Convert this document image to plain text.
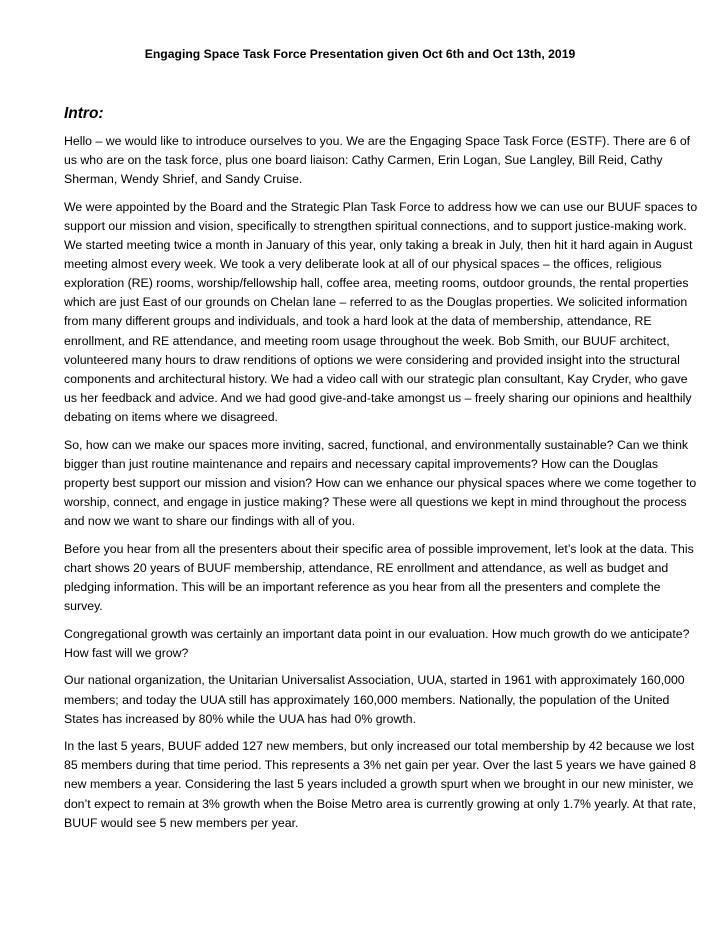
Engaging Space Task Force Presentation given Oct 6th and Oct 13th, 2019
Intro:

Hello – we would like to introduce ourselves to you. We are the Engaging Space Task Force (ESTF). There are 6 of us who are on the task force, plus one board liaison: Cathy Carmen, Erin Logan, Sue Langley, Bill Reid, Cathy Sherman, Wendy Shrief, and Sandy Cruise.

We were appointed by the Board and the Strategic Plan Task Force to address how we can use our BUUF spaces to support our mission and vision, specifically to strengthen spiritual connections, and to support justice-making work. We started meeting twice a month in January of this year, only taking a break in July, then hit it hard again in August meeting almost every week. We took a very deliberate look at all of our physical spaces – the offices, religious exploration (RE) rooms, worship/fellowship hall, coffee area, meeting rooms, outdoor grounds, the rental properties which are just East of our grounds on Chelan lane – referred to as the Douglas properties. We solicited information from many different groups and individuals, and took a hard look at the data of membership, attendance, RE enrollment, and RE attendance, and meeting room usage throughout the week. Bob Smith, our BUUF architect, volunteered many hours to draw renditions of options we were considering and provided insight into the structural components and architectural history. We had a video call with our strategic plan consultant, Kay Cryder, who gave us her feedback and advice. And we had good give-and-take amongst us – freely sharing our opinions and healthily debating on items where we disagreed.

So, how can we make our spaces more inviting, sacred, functional, and environmentally sustainable? Can we think bigger than just routine maintenance and repairs and necessary capital improvements? How can the Douglas property best support our mission and vision? How can we enhance our physical spaces where we come together to worship, connect, and engage in justice making? These were all questions we kept in mind throughout the process and now we want to share our findings with all of you.

Before you hear from all the presenters about their specific area of possible improvement, let’s look at the data. This chart shows 20 years of BUUF membership, attendance, RE enrollment and attendance, as well as budget and pledging information. This will be an important reference as you hear from all the presenters and complete the survey.

Congregational growth was certainly an important data point in our evaluation. How much growth do we anticipate? How fast will we grow?

Our national organization, the Unitarian Universalist Association, UUA, started in 1961 with approximately 160,000 members; and today the UUA still has approximately 160,000 members. Nationally, the population of the United States has increased by 80% while the UUA has had 0% growth.

In the last 5 years, BUUF added 127 new members, but only increased our total membership by 42 because we lost 85 members during that time period. This represents a 3% net gain per year. Over the last 5 years we have gained 8 new members a year. Considering the last 5 years included a growth spurt when we brought in our new minister, we don’t expect to remain at 3% growth when the Boise Metro area is currently growing at only 1.7% yearly. At that rate, BUUF would see 5 new members per year.
